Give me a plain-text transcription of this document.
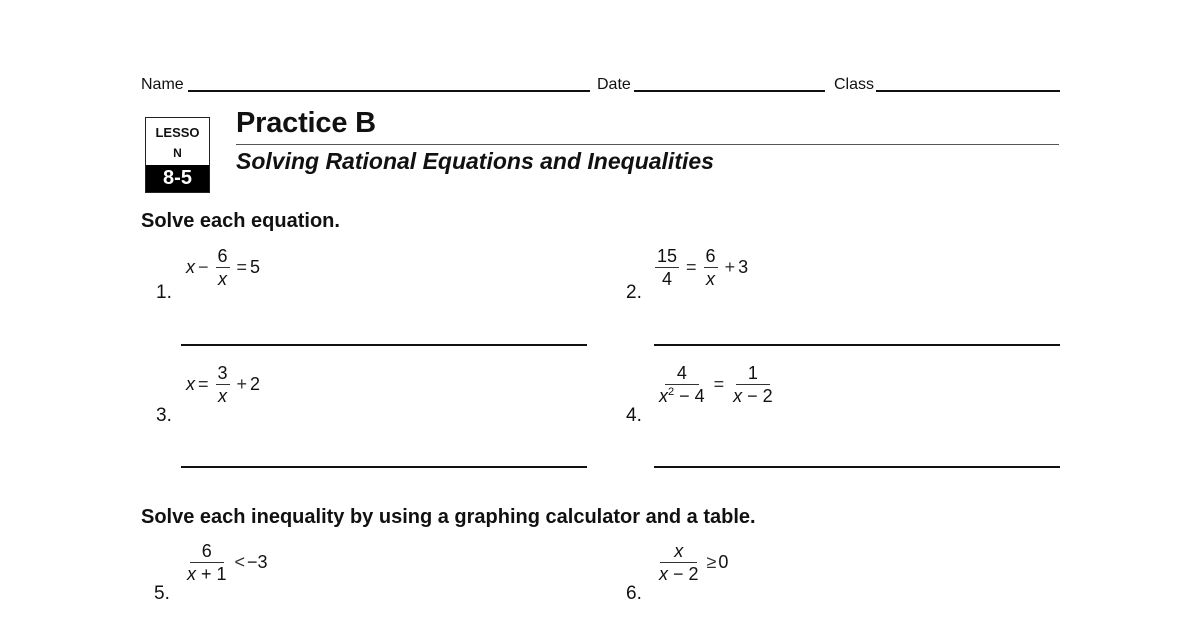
Name	Date	Class
LESSO
N
8-5
Practice B
Solving Rational Equations and Inequalities
Solve each equation.
1.
$x - \frac{6}{x} = 5$
2.
$\frac{15}{4} = \frac{6}{x} + 3$
3.
$x = \frac{3}{x} + 2$
4.
$\frac{4}{x^2 - 4} = \frac{1}{x - 2}$
Solve each inequality by using a graphing calculator and a table.
5.
$\frac{6}{x + 1} < -3$
6.
$\frac{x}{x - 2} \ge 0$
